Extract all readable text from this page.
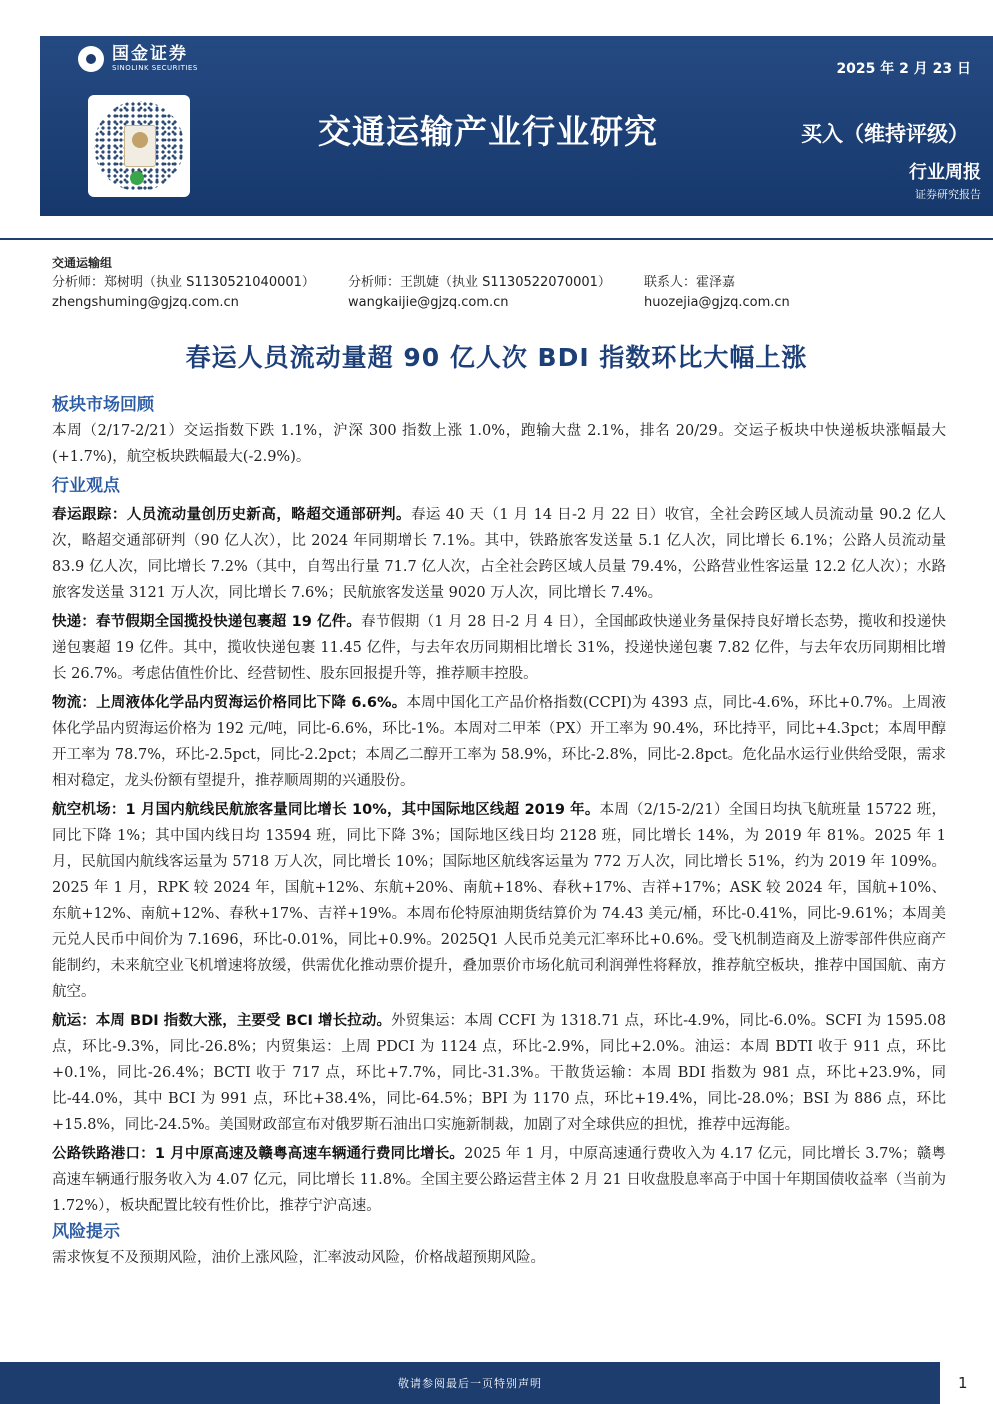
国金证券
SINOLINK SECURITIES	2025 年 2 月 23 日
交通运输产业行业研究	买入（维持评级）
行业周报
证券研究报告
交通运输组
分析师：郑树明（执业 S1130521040001）	分析师：王凯婕（执业 S1130522070001）	联系人：霍泽嘉
zhengshuming@gjzq.com.cn	wangkaijie@gjzq.com.cn	huozejia@gjzq.com.cn
春运人员流动量超 90 亿人次 BDI 指数环比大幅上涨
板块市场回顾

本周（2/17-2/21）交运指数下跌 1.1%，沪深 300 指数上涨 1.0%，跑输大盘 2.1%，排名 20/29。交运子板块中快递板块涨幅最大(+1.7%)，航空板块跌幅最大(-2.9%)。

行业观点

春运跟踪：人员流动量创历史新高，略超交通部研判。春运 40 天（1 月 14 日-2 月 22 日）收官，全社会跨区域人员流动量 90.2 亿人次，略超交通部研判（90 亿人次），比 2024 年同期增长 7.1%。其中，铁路旅客发送量 5.1 亿人次，同比增长 6.1%；公路人员流动量 83.9 亿人次，同比增长 7.2%（其中，自驾出行量 71.7 亿人次，占全社会跨区域人员量 79.4%，公路营业性客运量 12.2 亿人次）；水路旅客发送量 3121 万人次，同比增长 7.6%；民航旅客发送量 9020 万人次，同比增长 7.4%。

快递：春节假期全国揽投快递包裹超 19 亿件。春节假期（1 月 28 日-2 月 4 日），全国邮政快递业务量保持良好增长态势，揽收和投递快递包裹超 19 亿件。其中，揽收快递包裹 11.45 亿件，与去年农历同期相比增长 31%，投递快递包裹 7.82 亿件，与去年农历同期相比增长 26.7%。考虑估值性价比、经营韧性、股东回报提升等，推荐顺丰控股。

物流：上周液体化学品内贸海运价格同比下降 6.6%。本周中国化工产品价格指数(CCPI)为 4393 点，同比-4.6%，环比+0.7%。上周液体化学品内贸海运价格为 192 元/吨，同比-6.6%，环比-1%。本周对二甲苯（PX）开工率为 90.4%，环比持平，同比+4.3pct；本周甲醇开工率为 78.7%，环比-2.5pct，同比-2.2pct；本周乙二醇开工率为 58.9%，环比-2.8%，同比-2.8pct。危化品水运行业供给受限，需求相对稳定，龙头份额有望提升，推荐顺周期的兴通股份。

航空机场：1 月国内航线民航旅客量同比增长 10%，其中国际地区线超 2019 年。本周（2/15-2/21）全国日均执飞航班量 15722 班，同比下降 1%；其中国内线日均 13594 班，同比下降 3%；国际地区线日均 2128 班，同比增长 14%，为 2019 年 81%。2025 年 1 月，民航国内航线客运量为 5718 万人次，同比增长 10%；国际地区航线客运量为 772 万人次，同比增长 51%，约为 2019 年 109%。2025 年 1 月，RPK 较 2024 年，国航+12%、东航+20%、南航+18%、春秋+17%、吉祥+17%；ASK 较 2024 年，国航+10%、东航+12%、南航+12%、春秋+17%、吉祥+19%。本周布伦特原油期货结算价为 74.43 美元/桶，环比-0.41%，同比-9.61%；本周美元兑人民币中间价为 7.1696，环比-0.01%，同比+0.9%。2025Q1 人民币兑美元汇率环比+0.6%。受飞机制造商及上游零部件供应商产能制约，未来航空业飞机增速将放缓，供需优化推动票价提升，叠加票价市场化航司利润弹性将释放，推荐航空板块，推荐中国国航、南方航空。

航运：本周 BDI 指数大涨，主要受 BCI 增长拉动。外贸集运：本周 CCFI 为 1318.71 点，环比-4.9%，同比-6.0%。SCFI 为 1595.08 点，环比-9.3%，同比-26.8%；内贸集运：上周 PDCI 为 1124 点，环比-2.9%，同比+2.0%。油运：本周 BDTI 收于 911 点，环比+0.1%，同比-26.4%；BCTI 收于 717 点，环比+7.7%，同比-31.3%。干散货运输：本周 BDI 指数为 981 点，环比+23.9%，同比-44.0%，其中 BCI 为 991 点，环比+38.4%，同比-64.5%；BPI 为 1170 点，环比+19.4%，同比-28.0%；BSI 为 886 点，环比+15.8%，同比-24.5%。美国财政部宣布对俄罗斯石油出口实施新制裁，加剧了对全球供应的担忧，推荐中远海能。

公路铁路港口：1 月中原高速及赣粤高速车辆通行费同比增长。2025 年 1 月，中原高速通行费收入为 4.17 亿元，同比增长 3.7%；赣粤高速车辆通行服务收入为 4.07 亿元，同比增长 11.8%。全国主要公路运营主体 2 月 21 日收盘股息率高于中国十年期国债收益率（当前为 1.72%），板块配置比较有性价比，推荐宁沪高速。

风险提示

需求恢复不及预期风险，油价上涨风险，汇率波动风险，价格战超预期风险。

敬请参阅最后一页特别声明	1
